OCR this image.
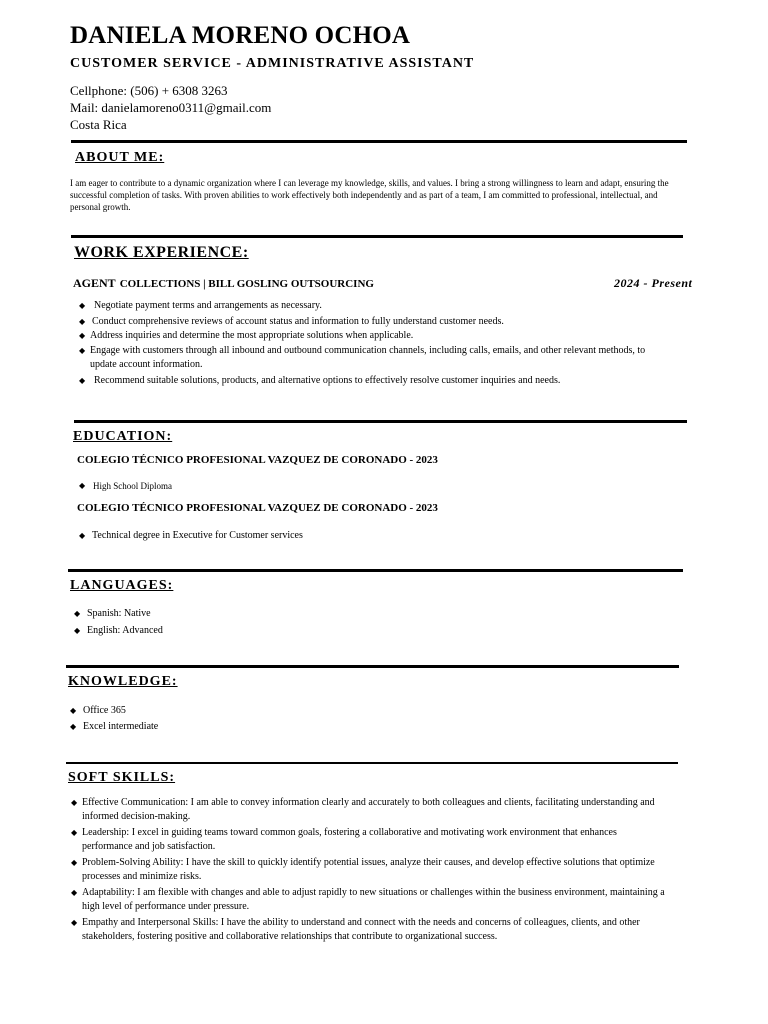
DANIELA MORENO OCHOA
CUSTOMER SERVICE - ADMINISTRATIVE ASSISTANT
Cellphone: (506) + 6308 3263
Mail: danielamoreno0311@gmail.com
Costa Rica
ABOUT ME:
I am eager to contribute to a dynamic organization where I can leverage my knowledge, skills, and values. I bring a strong willingness to learn and adapt, ensuring the successful completion of tasks. With proven abilities to work effectively both independently and as part of a team, I am committed to professional, intellectual, and personal growth.
WORK EXPERIENCE:
AGENT COLLECTIONS | BILL GOSLING OUTSOURCING	2024 - Present
◆ Negotiate payment terms and arrangements as necessary.
◆ Conduct comprehensive reviews of account status and information to fully understand customer needs.
◆ Address inquiries and determine the most appropriate solutions when applicable.
◆ Engage with customers through all inbound and outbound communication channels, including calls, emails, and other relevant methods, to update account information.
◆ Recommend suitable solutions, products, and alternative options to effectively resolve customer inquiries and needs.
EDUCATION:
COLEGIO TÉCNICO PROFESIONAL VAZQUEZ DE CORONADO - 2023
◆ High School Diploma
COLEGIO TÉCNICO PROFESIONAL VAZQUEZ DE CORONADO - 2023
◆ Technical degree in Executive for Customer services
LANGUAGES:
◆ Spanish: Native
◆ English: Advanced
KNOWLEDGE:
◆ Office 365
◆ Excel intermediate
SOFT SKILLS:
◆ Effective Communication: I am able to convey information clearly and accurately to both colleagues and clients, facilitating understanding and informed decision-making.
◆ Leadership: I excel in guiding teams toward common goals, fostering a collaborative and motivating work environment that enhances performance and job satisfaction.
◆ Problem-Solving Ability: I have the skill to quickly identify potential issues, analyze their causes, and develop effective solutions that optimize processes and minimize risks.
◆ Adaptability: I am flexible with changes and able to adjust rapidly to new situations or challenges within the business environment, maintaining a high level of performance under pressure.
◆ Empathy and Interpersonal Skills: I have the ability to understand and connect with the needs and concerns of colleagues, clients, and other stakeholders, fostering positive and collaborative relationships that contribute to organizational success.
